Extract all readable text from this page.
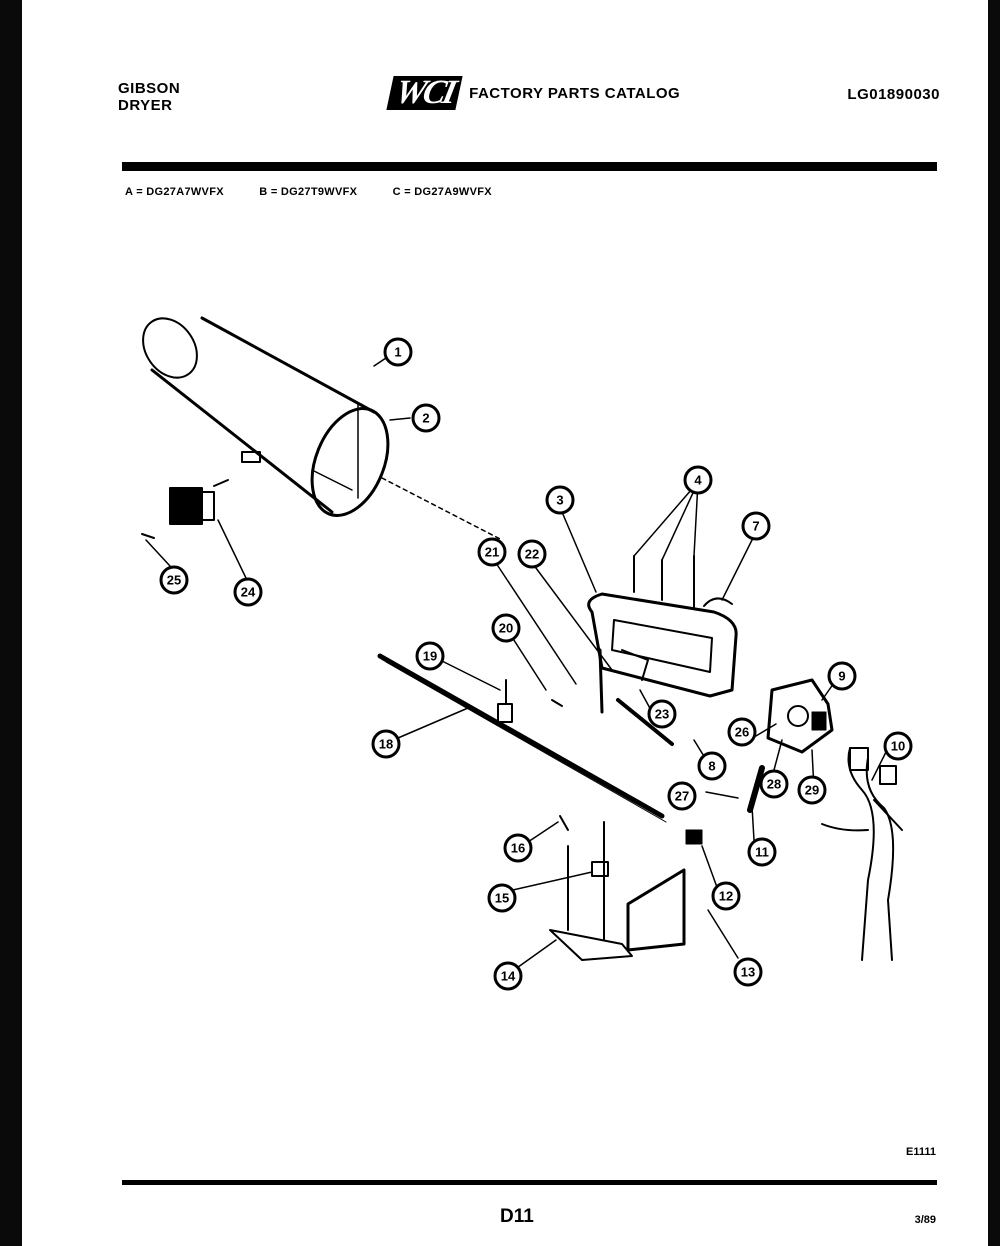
GIBSON
DRYER	WCI FACTORY PARTS CATALOG	LG01890030
A = DG27A7WVFX	B = DG27T9WVFX	C = DG27A9WVFX
1
2
3
4
7
9
10
11
12
13
14
15
16
18
19
20
21 22
23
24
25
26
27
28 29
8
E1111
D11	3/89
